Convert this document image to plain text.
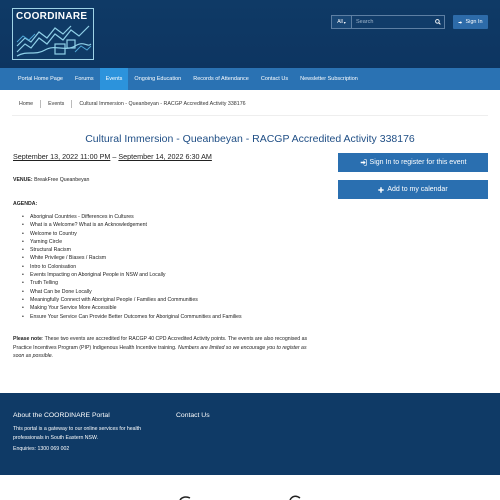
COORDINARE	All ▾
Search	Sign In
Portal Home Page	Forums	Events	Ongoing Education	Records of Attendance	Contact Us	Newsletter Subscription
Home	Events	Cultural Immersion - Queanbeyan - RACGP Accredited Activity 338176
Cultural Immersion - Queanbeyan - RACGP Accredited Activity 338176
September 13, 2022 11:00 PM – September 14, 2022 6:30 AM
VENUE: BreakFree Queanbeyan
AGENDA:
• Aboriginal Countries - Differences in Cultures
• What is a Welcome? What is an Acknowledgement
• Welcome to Country
• Yarning Circle
• Structural Racism
• White Privilege / Biases / Racism
• Intro to Colonisation
• Events Impacting on Aboriginal People in NSW and Locally
• Truth Telling
• What Can be Done Locally
• Meaningfully Connect with Aboriginal People / Families and Communities
• Making Your Service More Accessible
• Ensure Your Service Can Provide Better Outcomes for Aboriginal Communities and Families

Please note: These two events are accredited for RACGP 40 CPD Accredited Activity points. The events are also recognised as Practice Incentives Program (PIP) Indigenous Health Incentive training. Numbers are limited so we encourage you to register as soon as possible.

Sign In to register for this event
Add to my calendar
About the COORDINARE Portal
This portal is a gateway to our online services for health professionals in South Eastern NSW.
Enquiries: 1300 069 002
Contact Us
